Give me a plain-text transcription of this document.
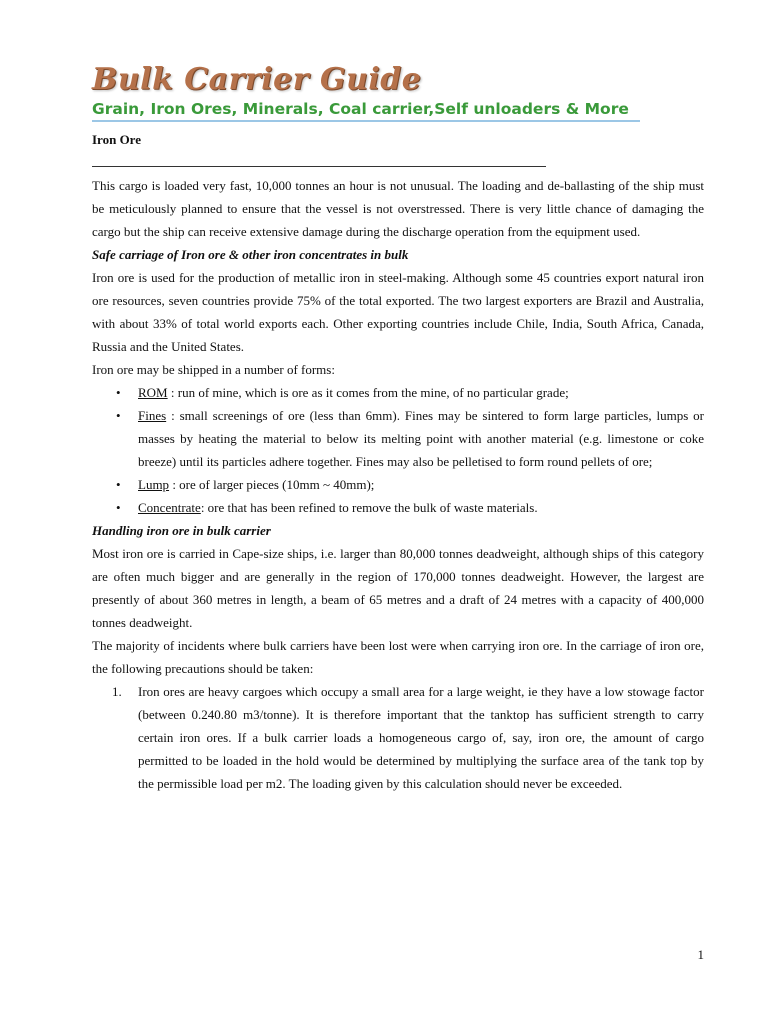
Bulk Carrier Guide
Grain, Iron Ores, Minerals, Coal carrier,Self unloaders & More
Iron Ore

This cargo is loaded very fast, 10,000 tonnes an hour is not unusual. The loading and de-ballasting of the ship must be meticulously planned to ensure that the vessel is not overstressed. There is very little chance of damaging the cargo but the ship can receive extensive damage during the discharge operation from the equipment used.

Safe carriage of Iron ore & other iron concentrates in bulk

Iron ore is used for the production of metallic iron in steel-making. Although some 45 countries export natural iron ore resources, seven countries provide 75% of the total exported. The two largest exporters are Brazil and Australia, with about 33% of total world exports each. Other exporting countries include Chile, India, South Africa, Canada, Russia and the United States.

Iron ore may be shipped in a number of forms:

• ROM : run of mine, which is ore as it comes from the mine, of no particular grade;
• Fines : small screenings of ore (less than 6mm). Fines may be sintered to form large particles, lumps or masses by heating the material to below its melting point with another material (e.g. limestone or coke breeze) until its particles adhere together. Fines may also be pelletised to form round pellets of ore;
• Lump : ore of larger pieces (10mm ~ 40mm);
• Concentrate: ore that has been refined to remove the bulk of waste materials.

Handling iron ore in bulk carrier

Most iron ore is carried in Cape-size ships, i.e. larger than 80,000 tonnes deadweight, although ships of this category are often much bigger and are generally in the region of 170,000 tonnes deadweight. However, the largest are presently of about 360 metres in length, a beam of 65 metres and a draft of 24 metres with a capacity of 400,000 tonnes deadweight.

The majority of incidents where bulk carriers have been lost were when carrying iron ore. In the carriage of iron ore, the following precautions should be taken:

1. Iron ores are heavy cargoes which occupy a small area for a large weight, ie they have a low stowage factor (between 0.240.80 m3/tonne). It is therefore important that the tanktop has sufficient strength to carry certain iron ores. If a bulk carrier loads a homogeneous cargo of, say, iron ore, the amount of cargo permitted to be loaded in the hold would be determined by multiplying the surface area of the tank top by the permissible load per m2. The loading given by this calculation should never be exceeded.
1
